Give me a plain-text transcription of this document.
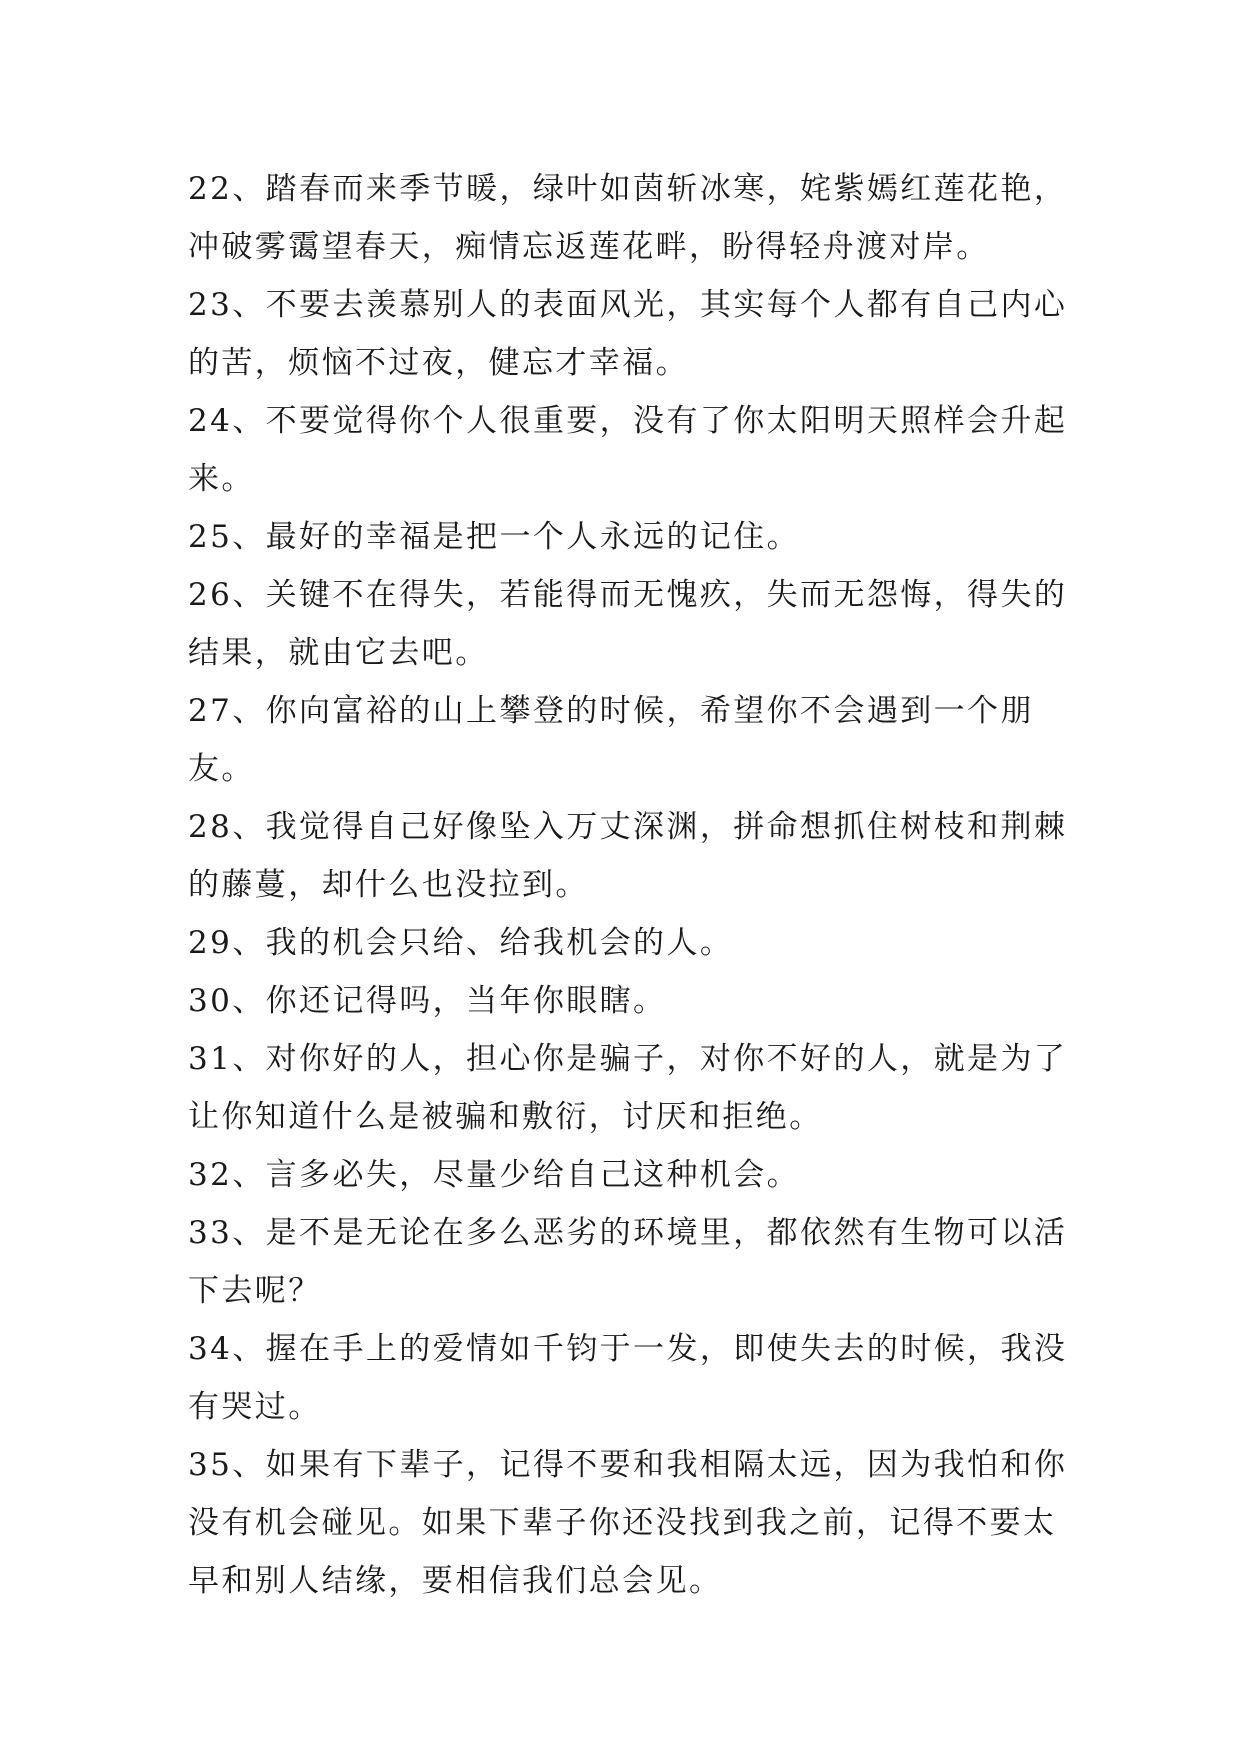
22、踏春而来季节暖，绿叶如茵斩冰寒，姹紫嫣红莲花艳，冲破雾霭望春天，痴情忘返莲花畔，盼得轻舟渡对岸。

23、不要去羡慕别人的表面风光，其实每个人都有自己内心的苦，烦恼不过夜，健忘才幸福。

24、不要觉得你个人很重要，没有了你太阳明天照样会升起来。

25、最好的幸福是把一个人永远的记住。

26、关键不在得失，若能得而无愧疚，失而无怨悔，得失的结果，就由它去吧。

27、你向富裕的山上攀登的时候，希望你不会遇到一个朋友。

28、我觉得自己好像坠入万丈深渊，拼命想抓住树枝和荆棘的藤蔓，却什么也没拉到。

29、我的机会只给、给我机会的人。

30、你还记得吗，当年你眼瞎。

31、对你好的人，担心你是骗子，对你不好的人，就是为了让你知道什么是被骗和敷衍，讨厌和拒绝。

32、言多必失，尽量少给自己这种机会。

33、是不是无论在多么恶劣的环境里，都依然有生物可以活下去呢？

34、握在手上的爱情如千钧于一发，即使失去的时候，我没有哭过。

35、如果有下辈子，记得不要和我相隔太远，因为我怕和你没有机会碰见。如果下辈子你还没找到我之前，记得不要太早和别人结缘，要相信我们总会见。
